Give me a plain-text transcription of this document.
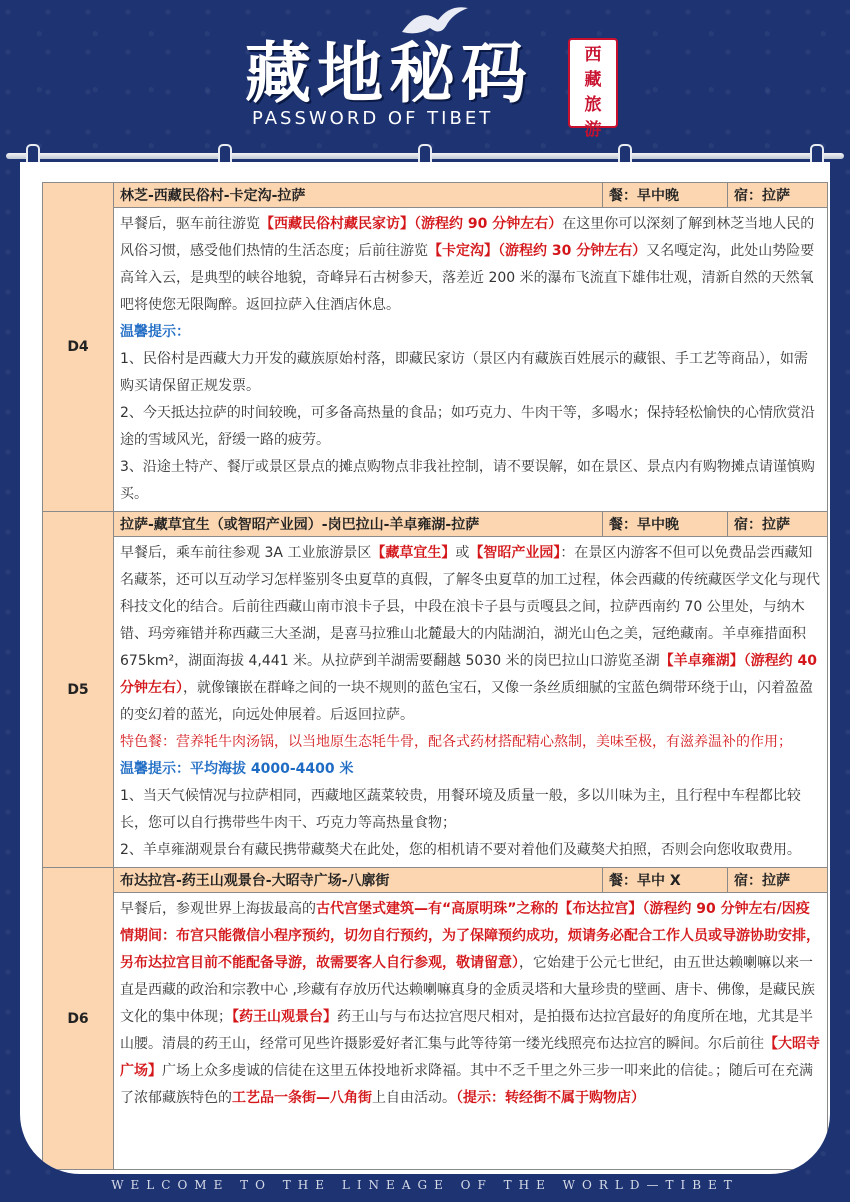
藏地秘码
PASSWORD OF TIBET
西
藏
旅
游
D4	林芝-西藏民俗村-卡定沟-拉萨	餐：早中晚	宿：拉萨

	早餐后，驱车前往游览【西藏民俗村藏民家访】（游程约 90 分钟左右）在这里你可以深刻了解到林芝当地人民的风俗习惯，感受他们热情的生活态度；后前往游览【卡定沟】（游程约 30 分钟左右）又名嘎定沟，此处山势险要高耸入云，是典型的峡谷地貌，奇峰异石古树参天，落差近 200 米的瀑布飞流直下雄伟壮观，清新自然的天然氧吧将使您无限陶醉。返回拉萨入住酒店休息。

温馨提示：

1、民俗村是西藏大力开发的藏族原始村落，即藏民家访（景区内有藏族百姓展示的藏银、手工艺等商品），如需购买请保留正规发票。

2、今天抵达拉萨的时间较晚，可多备高热量的食品；如巧克力、牛肉干等，多喝水；保持轻松愉快的心情欣赏沿途的雪域风光，舒缓一路的疲劳。

3、沿途土特产、餐厅或景区景点的摊点购物点非我社控制，请不要误解，如在景区、景点内有购物摊点请谨慎购买。		

D5	拉萨-藏草宜生（或智昭产业园）-岗巴拉山-羊卓雍湖-拉萨	餐：早中晚	宿：拉萨

	早餐后，乘车前往参观 3A 工业旅游景区【藏草宜生】或【智昭产业园】：在景区内游客不但可以免费品尝西藏知名藏茶，还可以互动学习怎样鉴别冬虫夏草的真假，了解冬虫夏草的加工过程，体会西藏的传统藏医学文化与现代科技文化的结合。后前往西藏山南市浪卡子县，中段在浪卡子县与贡嘎县之间，拉萨西南约 70 公里处，与纳木错、玛旁雍错并称西藏三大圣湖，是喜马拉雅山北麓最大的内陆湖泊，湖光山色之美，冠绝藏南。羊卓雍措面积 675km²，湖面海拔 4,441 米。从拉萨到羊湖需要翻越 5030 米的岗巴拉山口游览圣湖【羊卓雍湖】（游程约 40 分钟左右），就像镶嵌在群峰之间的一块不规则的蓝色宝石，又像一条丝质细腻的宝蓝色绸带环绕于山，闪着盈盈的变幻着的蓝光，向远处伸展着。后返回拉萨。

特色餐：营养牦牛肉汤锅，以当地原生态牦牛骨，配各式药材搭配精心熬制，美味至极，有滋养温补的作用；

温馨提示：平均海拔 4000-4400 米

1、当天气候情况与拉萨相同，西藏地区蔬菜较贵，用餐环境及质量一般，多以川味为主，且行程中车程都比较长，您可以自行携带些牛肉干、巧克力等高热量食物；

2、羊卓雍湖观景台有藏民携带藏獒犬在此处，您的相机请不要对着他们及藏獒犬拍照，否则会向您收取费用。		

D6	布达拉宫-药王山观景台-大昭寺广场-八廓街	餐：早中 X	宿：拉萨

	早餐后，参观世界上海拔最高的古代宫堡式建筑—有“高原明珠”之称的【布达拉宫】（游程约 90 分钟左右/因疫情期间：布宫只能微信小程序预约，切勿自行预约，为了保障预约成功，烦请务必配合工作人员或导游协助安排，另布达拉宫目前不能配备导游，故需要客人自行参观，敬请留意），它始建于公元七世纪，由五世达赖喇嘛以来一直是西藏的政治和宗教中心 ,珍藏有存放历代达赖喇嘛真身的金质灵塔和大量珍贵的壁画、唐卡、佛像，是藏民族文化的集中体现；【药王山观景台】药王山与与布达拉宫咫尺相对，是拍摄布达拉宫最好的角度所在地，尤其是半山腰。清晨的药王山，经常可见些许摄影爱好者汇集与此等待第一缕光线照亮布达拉宫的瞬间。尔后前往【大昭寺广场】广场上众多虔诚的信徒在这里五体投地祈求降福。其中不乏千里之外三步一叩来此的信徒。；随后可在充满了浓郁藏族特色的工艺品一条街—八角街上自由活动。（提示：转经街不属于购物店）		

WELCOME TO THE LINEAGE OF THE WORLD—TIBET
